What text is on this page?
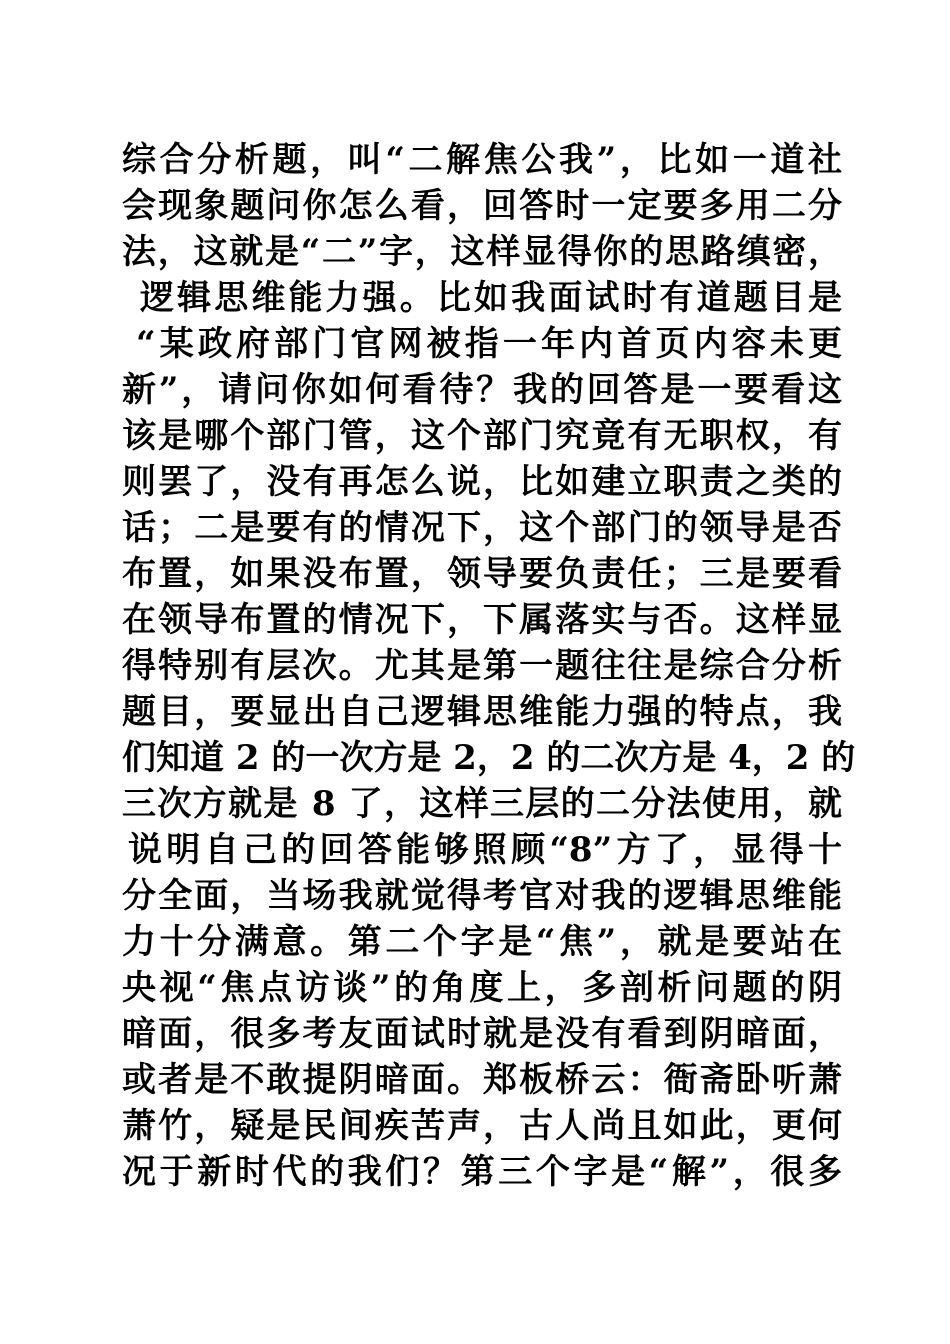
综合分析题，叫“二解焦公我”，比如一道社
会现象题问你怎么看，回答时一定要多用二分
法，这就是“二”字，这样显得你的思路缜密，
逻辑思维能力强。比如我面试时有道题目是
“某政府部门官网被指一年内首页内容未更
新”，请问你如何看待？我的回答是一要看这
该是哪个部门管，这个部门究竟有无职权，有
则罢了，没有再怎么说，比如建立职责之类的
话；二是要有的情况下，这个部门的领导是否
布置，如果没布置，领导要负责任；三是要看
在领导布置的情况下，下属落实与否。这样显
得特别有层次。尤其是第一题往往是综合分析
题目，要显出自己逻辑思维能力强的特点，我
们知道 2 的一次方是 2，2 的二次方是 4，2 的
三次方就是 8 了，这样三层的二分法使用，就
说明自己的回答能够照顾“8”方了，显得十
分全面，当场我就觉得考官对我的逻辑思维能
力十分满意。第二个字是“焦”，就是要站在
央视“焦点访谈”的角度上，多剖析问题的阴
暗面，很多考友面试时就是没有看到阴暗面，
或者是不敢提阴暗面。郑板桥云：衙斋卧听萧
萧竹，疑是民间疾苦声，古人尚且如此，更何
况于新时代的我们？第三个字是“解”，很多
